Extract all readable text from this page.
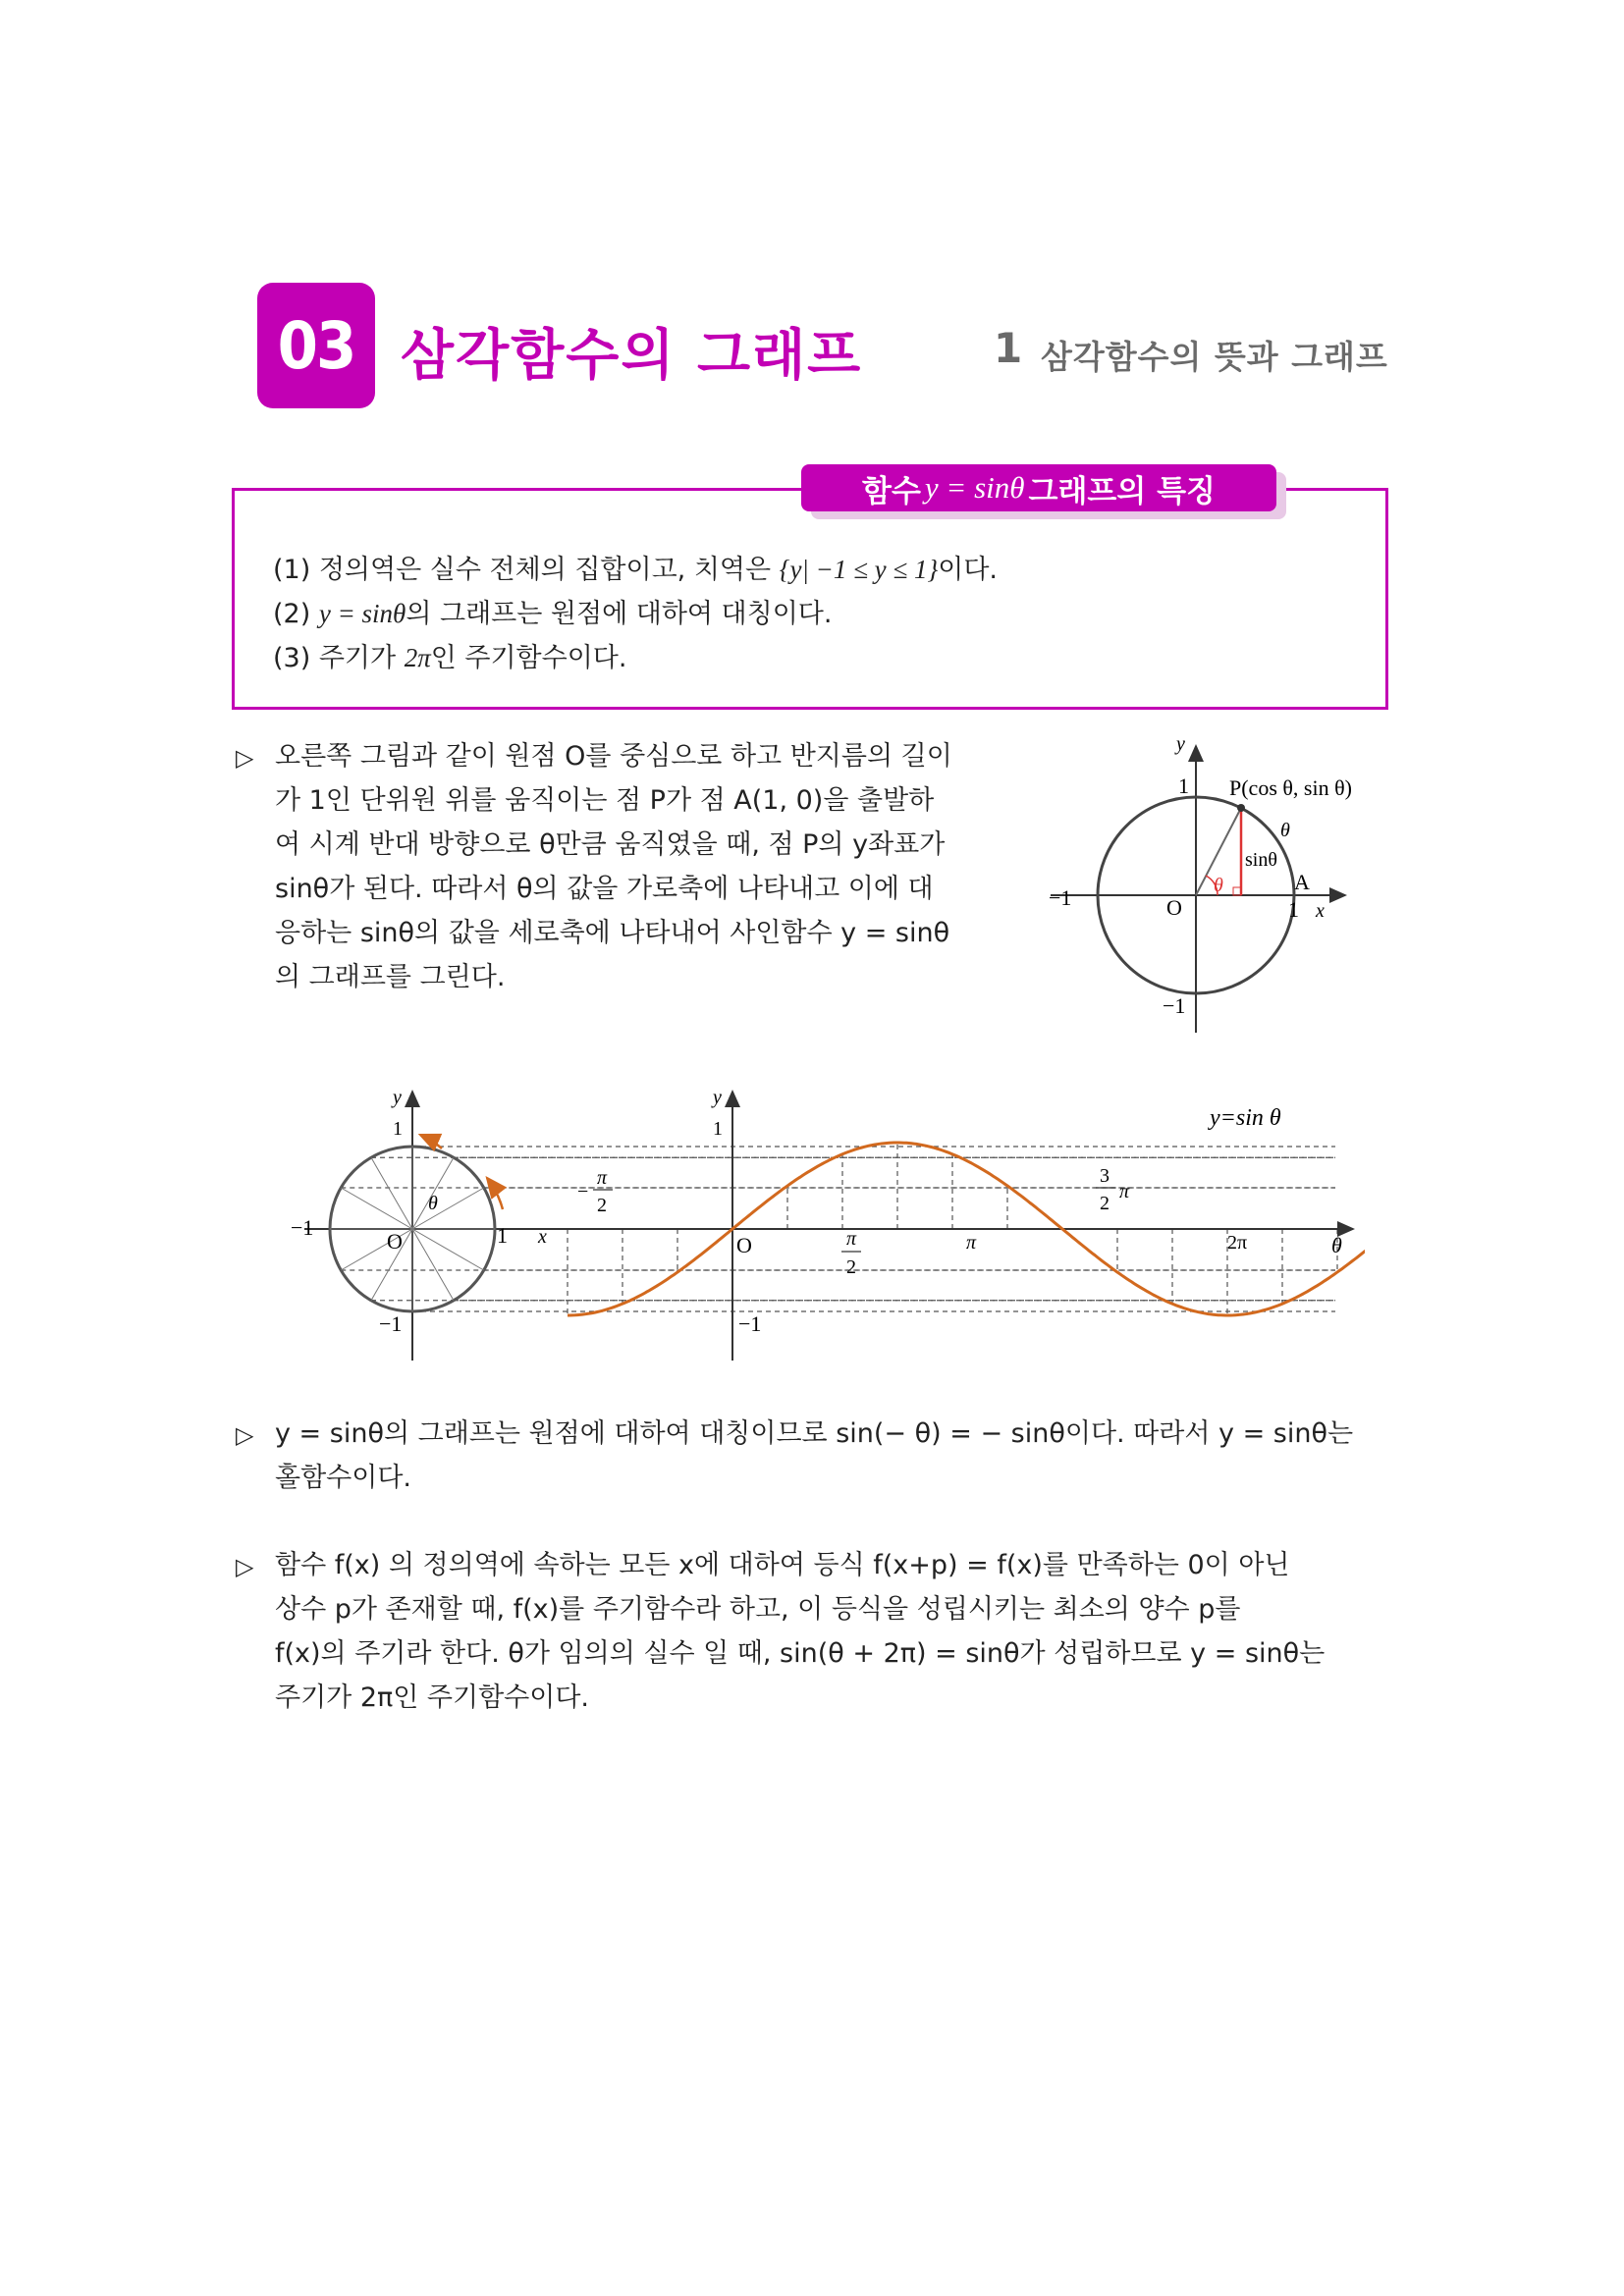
03 삼각함수의 그래프	1 삼각함수의 뜻과 그래프
함수 y = sinθ 그래프의 특징
(1) 정의역은 실수 전체의 집합이고, 치역은 {y| −1 ≤ y ≤ 1}이다.
(2) y = sinθ의 그래프는 원점에 대하여 대칭이다.
(3) 주기가 2π인 주기함수이다.
▷ 오른쪽 그림과 같이 원점 O를 중심으로 하고 반지름의 길이
가 1인 단위원 위를 움직이는 점 P가 점 A(1, 0)을 출발하
여 시계 반대 방향으로 θ만큼 움직였을 때, 점 P의 y좌표가
sinθ가 된다. 따라서 θ의 값을 가로축에 나타내고 이에 대
응하는 sinθ의 값을 세로축에 나타내어 사인함수 y = sinθ
의 그래프를 그린다.
y
1
−1	O	1 x
−1
P(cos θ, sin θ)
A
θ
θ
sinθ
y
1
−1
O	1 x
−1
θ
y
1
O
−1
y=sin θ
−
π
2
π
2
π
3
2
π
2π	θ
▷ y = sinθ의 그래프는 원점에 대하여 대칭이므로 sin(− θ) = − sinθ이다. 따라서 y = sinθ는
홀함수이다.
▷ 함수 f(x) 의 정의역에 속하는 모든 x에 대하여 등식 f(x+p) = f(x)를 만족하는 0이 아닌
상수 p가 존재할 때, f(x)를 주기함수라 하고, 이 등식을 성립시키는 최소의 양수 p를
f(x)의 주기라 한다. θ가 임의의 실수 일 때, sin(θ + 2π) = sinθ가 성립하므로 y = sinθ는
주기가 2π인 주기함수이다.
